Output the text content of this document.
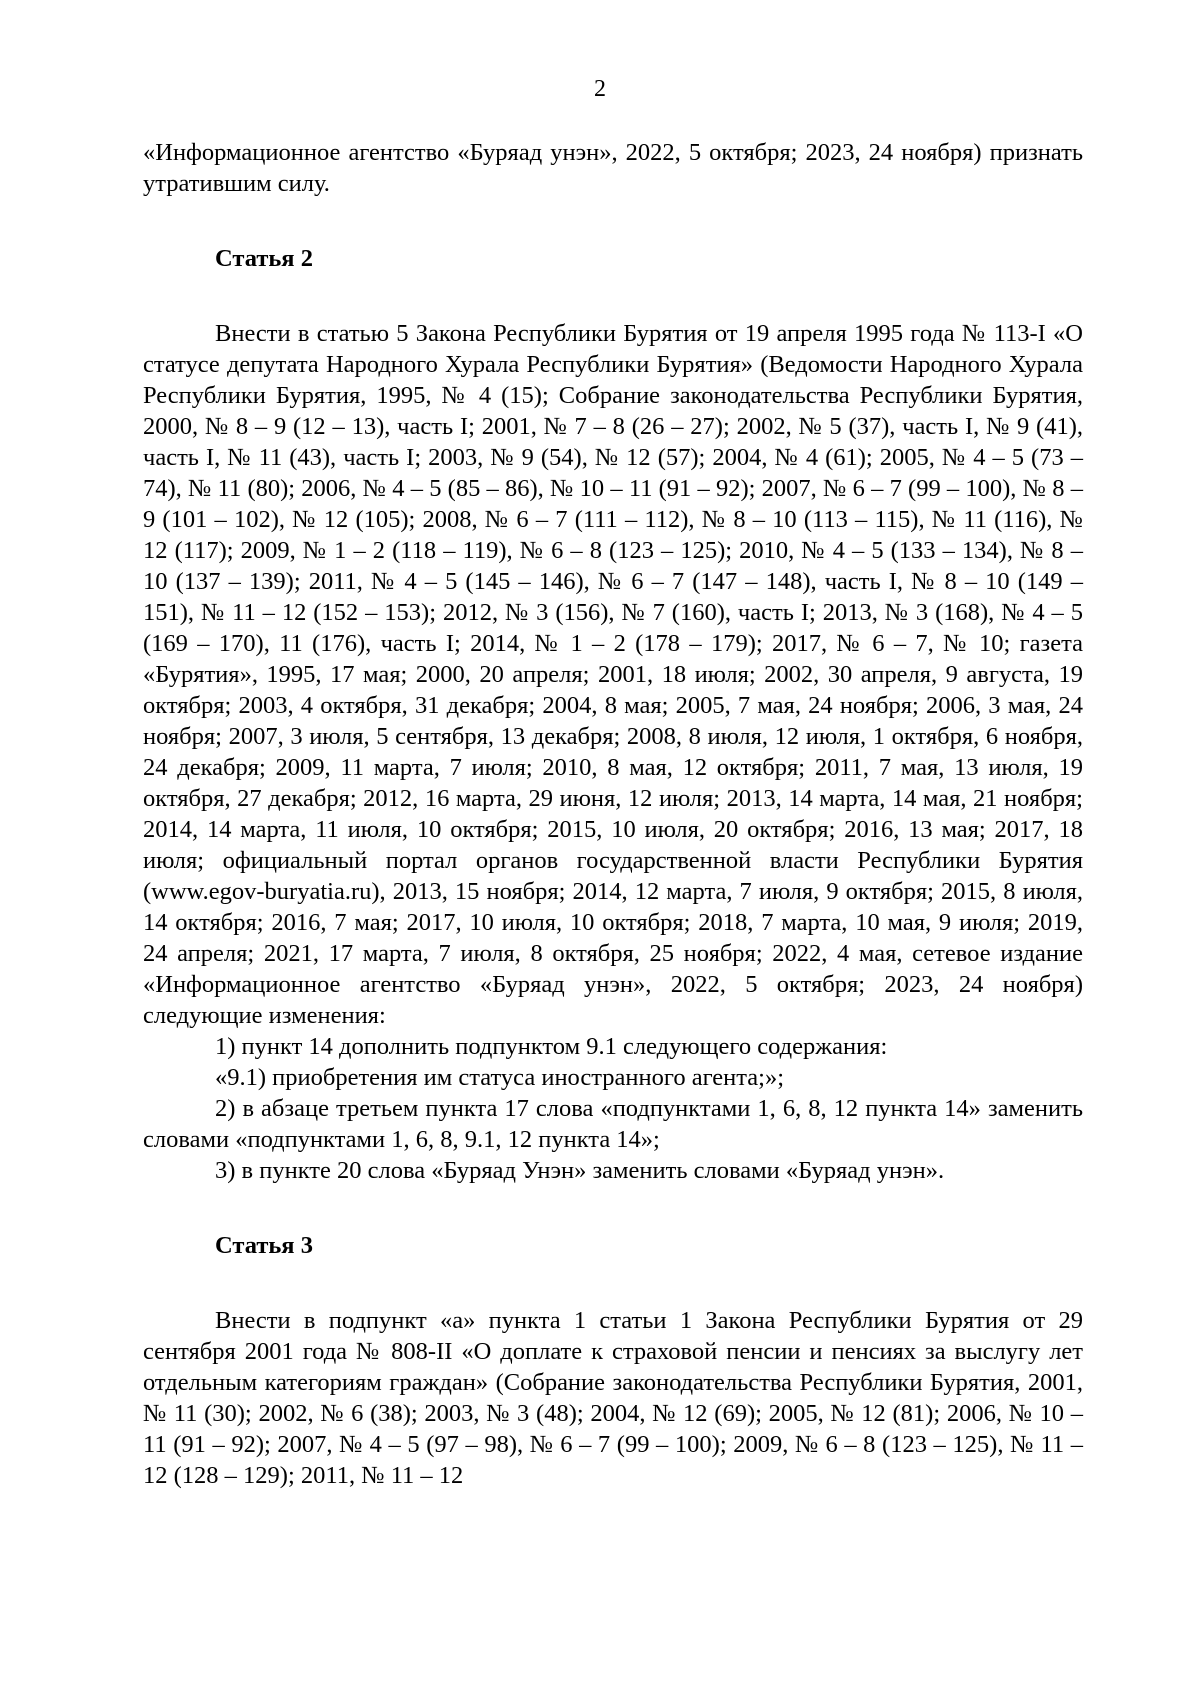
2

«Информационное агентство «Буряад унэн», 2022, 5 октября; 2023, 24 ноября) признать утратившим силу.

Статья 2

Внести в статью 5 Закона Республики Бурятия от 19 апреля 1995 года № 113-I «О статусе депутата Народного Хурала Республики Бурятия» (Ведомости Народного Хурала Республики Бурятия, 1995, № 4 (15); Собрание законодательства Республики Бурятия, 2000, № 8 – 9 (12 – 13), часть I; 2001, № 7 – 8 (26 – 27); 2002, № 5 (37), часть I, № 9 (41), часть I, № 11 (43), часть I; 2003, № 9 (54), № 12 (57); 2004, № 4 (61); 2005, № 4 – 5 (73 – 74), № 11 (80); 2006, № 4 – 5 (85 – 86), № 10 – 11 (91 – 92); 2007, № 6 – 7 (99 – 100), № 8 – 9 (101 – 102), № 12 (105); 2008, № 6 – 7 (111 – 112), № 8 – 10 (113 – 115), № 11 (116), № 12 (117); 2009, № 1 – 2 (118 – 119), № 6 – 8 (123 – 125); 2010, № 4 – 5 (133 – 134), № 8 – 10 (137 – 139); 2011, № 4 – 5 (145 – 146), № 6 – 7 (147 – 148), часть I, № 8 – 10 (149 – 151), № 11 – 12 (152 – 153); 2012, № 3 (156), № 7 (160), часть I; 2013, № 3 (168), № 4 – 5 (169 – 170), 11 (176), часть I; 2014, № 1 – 2 (178 – 179); 2017, № 6 – 7, № 10; газета «Бурятия», 1995, 17 мая; 2000, 20 апреля; 2001, 18 июля; 2002, 30 апреля, 9 августа, 19 октября; 2003, 4 октября, 31 декабря; 2004, 8 мая; 2005, 7 мая, 24 ноября; 2006, 3 мая, 24 ноября; 2007, 3 июля, 5 сентября, 13 декабря; 2008, 8 июля, 12 июля, 1 октября, 6 ноября, 24 декабря; 2009, 11 марта, 7 июля; 2010, 8 мая, 12 октября; 2011, 7 мая, 13 июля, 19 октября, 27 декабря; 2012, 16 марта, 29 июня, 12 июля; 2013, 14 марта, 14 мая, 21 ноября; 2014, 14 марта, 11 июля, 10 октября; 2015, 10 июля, 20 октября; 2016, 13 мая; 2017, 18 июля; официальный портал органов государственной власти Республики Бурятия (www.egov-buryatia.ru), 2013, 15 ноября; 2014, 12 марта, 7 июля, 9 октября; 2015, 8 июля, 14 октября; 2016, 7 мая; 2017, 10 июля, 10 октября; 2018, 7 марта, 10 мая, 9 июля; 2019, 24 апреля; 2021, 17 марта, 7 июля, 8 октября, 25 ноября; 2022, 4 мая, сетевое издание «Информационное агентство «Буряад унэн», 2022, 5 октября; 2023, 24 ноября) следующие изменения:

1) пункт 14 дополнить подпунктом 9.1 следующего содержания:

«9.1) приобретения им статуса иностранного агента;»;

2) в абзаце третьем пункта 17 слова «подпунктами 1, 6, 8, 12 пункта 14» заменить словами «подпунктами 1, 6, 8, 9.1, 12 пункта 14»;

3) в пункте 20 слова «Буряад Унэн» заменить словами «Буряад унэн».

Статья 3

Внести в подпункт «а» пункта 1 статьи 1 Закона Республики Бурятия от 29 сентября 2001 года № 808-II «О доплате к страховой пенсии и пенсиях за выслугу лет отдельным категориям граждан» (Собрание законодательства Республики Бурятия, 2001, № 11 (30); 2002, № 6 (38); 2003, № 3 (48); 2004, № 12 (69); 2005, № 12 (81); 2006, № 10 – 11 (91 – 92); 2007, № 4 – 5 (97 – 98), № 6 – 7 (99 – 100); 2009, № 6 – 8 (123 – 125), № 11 – 12 (128 – 129); 2011, № 11 – 12
